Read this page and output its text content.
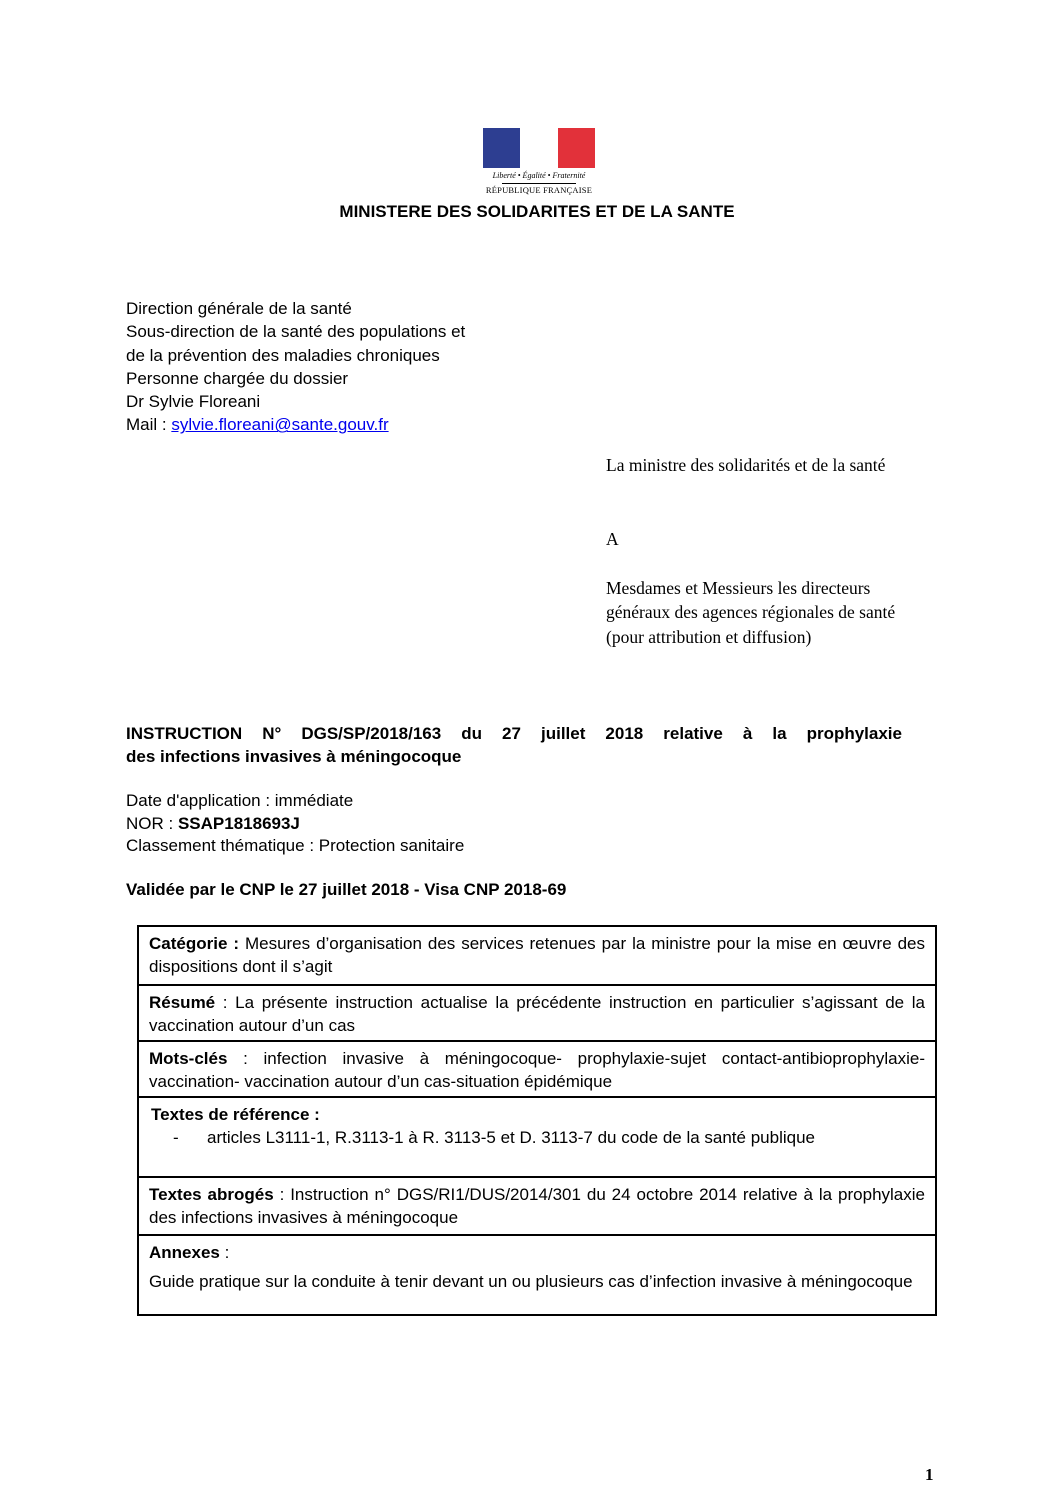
Liberté • Égalité • Fraternité
RÉPUBLIQUE FRANÇAISE
MINISTERE DES SOLIDARITES ET DE LA SANTE
Direction générale de la santé
Sous-direction de la santé des populations et
de la prévention des maladies chroniques
Personne chargée du dossier
Dr Sylvie Floreani
Mail : sylvie.floreani@sante.gouv.fr
La ministre des solidarités et de la santé
A
Mesdames et Messieurs les directeurs
généraux des agences régionales de santé
(pour attribution et diffusion)
INSTRUCTION N° DGS/SP/2018/163 du 27 juillet 2018 relative à la prophylaxie
des infections invasives à méningocoque
Date d'application : immédiate
NOR : SSAP1818693J
Classement thématique : Protection sanitaire
Validée par le CNP le 27 juillet 2018 - Visa CNP 2018-69
Catégorie : Mesures d’organisation des services retenues par la ministre pour la mise en œuvre des dispositions dont il s’agit
Résumé : La présente instruction actualise la précédente instruction en particulier s’agissant de la vaccination autour d’un cas
Mots-clés : infection invasive à méningocoque- prophylaxie-sujet contact-antibioprophylaxie-vaccination- vaccination autour d’un cas-situation épidémique
Textes de référence :
-	articles L3111-1, R.3113-1 à R. 3113-5 et D. 3113-7 du code de la santé publique
Textes abrogés : Instruction n° DGS/RI1/DUS/2014/301 du 24 octobre 2014 relative à la prophylaxie des infections invasives à méningocoque
Annexes :
Guide pratique sur la conduite à tenir devant un ou plusieurs cas d’infection invasive à méningocoque
1
